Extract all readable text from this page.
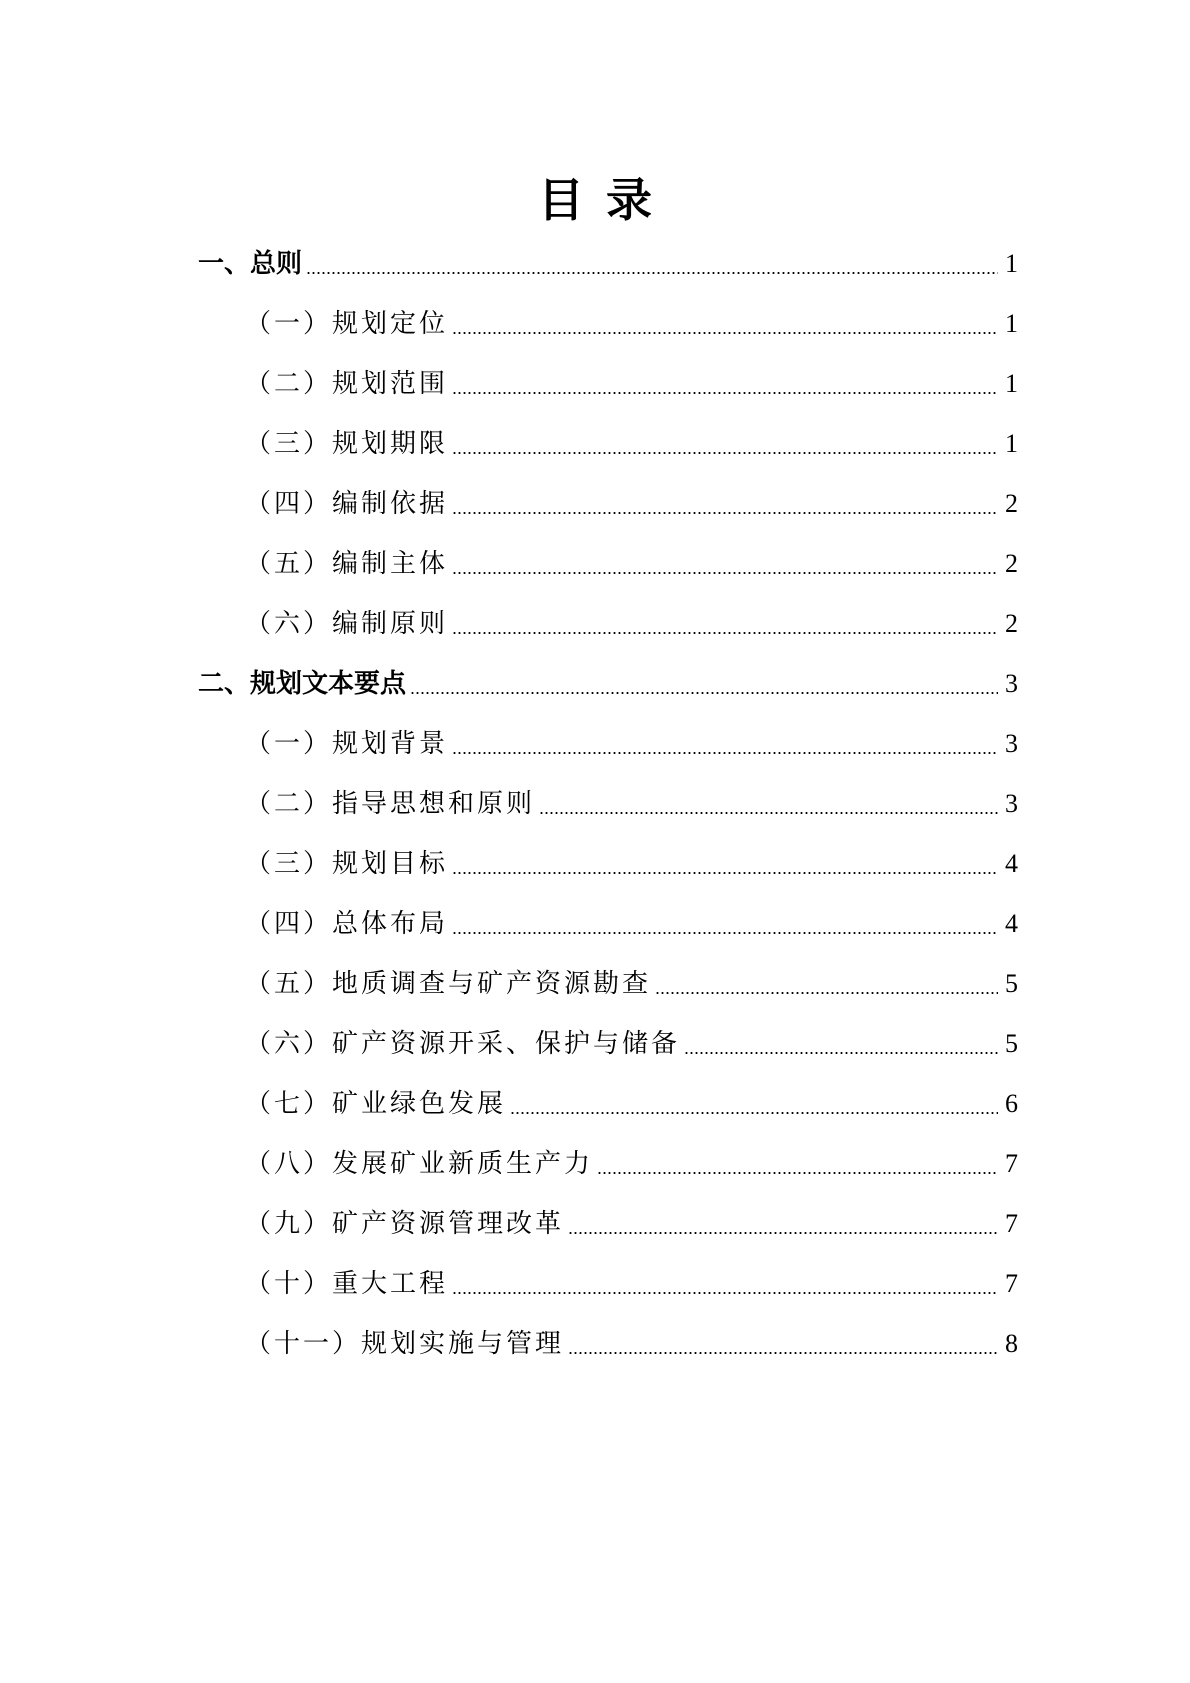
目录
一、总则	1
（一）规划定位	1
（二）规划范围	1
（三）规划期限	1
（四）编制依据	2
（五）编制主体	2
（六）编制原则	2
二、规划文本要点	3
（一）规划背景	3
（二）指导思想和原则	3
（三）规划目标	4
（四）总体布局	4
（五）地质调查与矿产资源勘查	5
（六）矿产资源开采、保护与储备	5
（七）矿业绿色发展	6
（八）发展矿业新质生产力	7
（九）矿产资源管理改革	7
（十）重大工程	7
（十一）规划实施与管理	8
